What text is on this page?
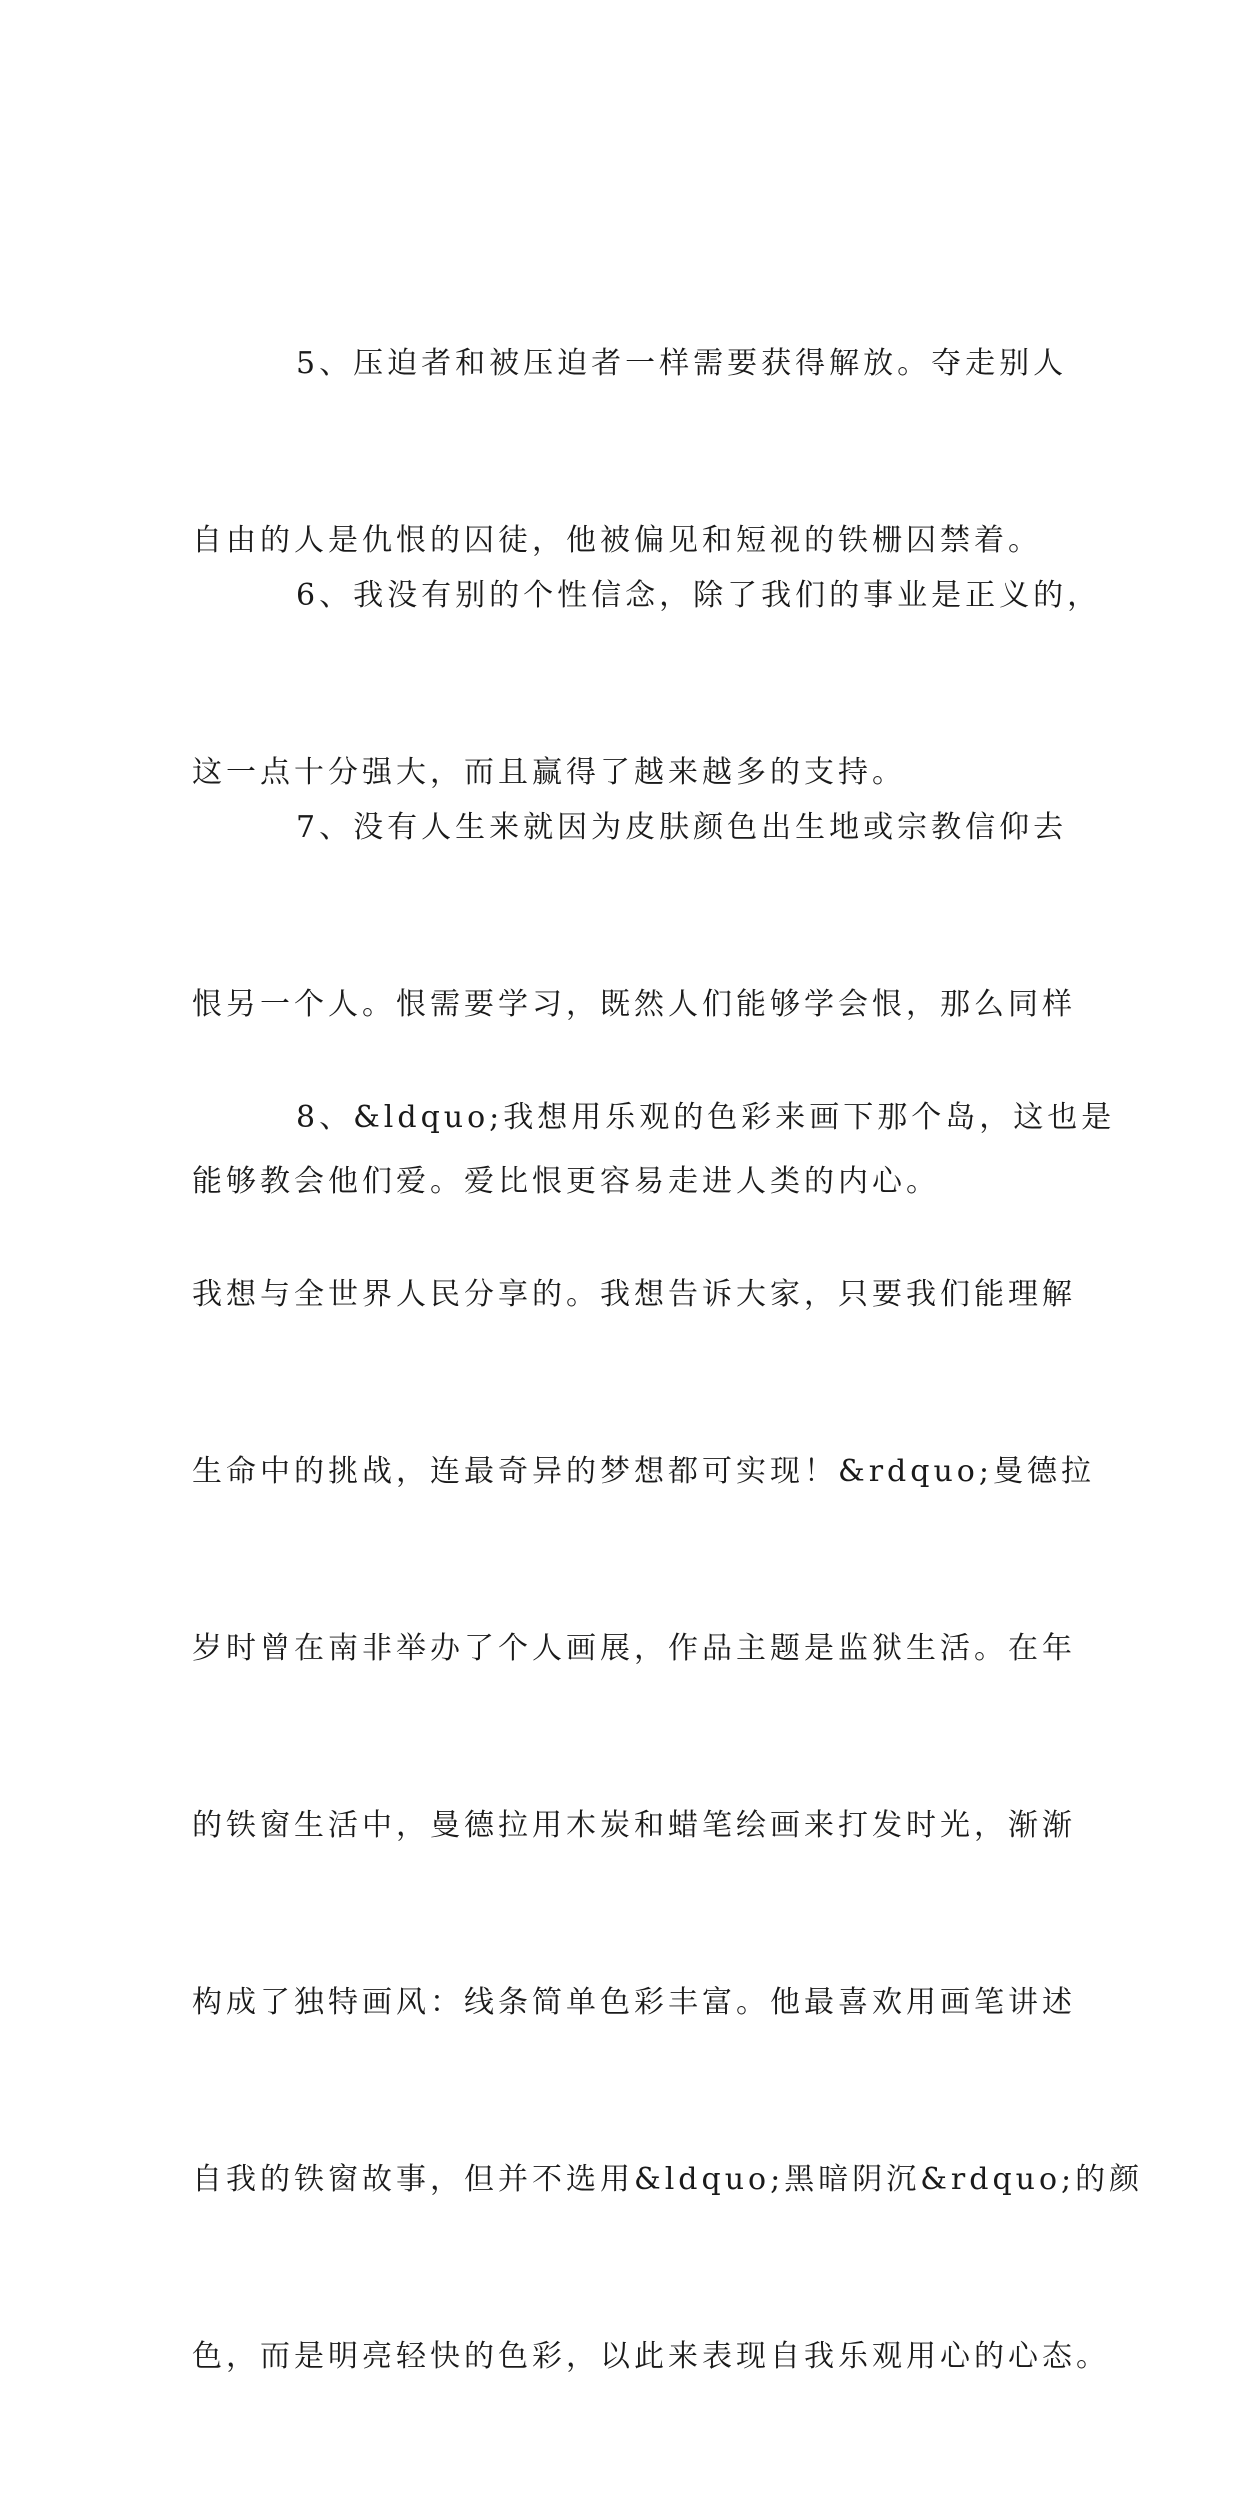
5、压迫者和被压迫者一样需要获得解放。夺走别人

自由的人是仇恨的囚徒，他被偏见和短视的铁栅囚禁着。

6、我没有别的个性信念，除了我们的事业是正义的，

这一点十分强大，而且赢得了越来越多的支持。

7、没有人生来就因为皮肤颜色出生地或宗教信仰去

恨另一个人。恨需要学习，既然人们能够学会恨，那么同样

能够教会他们爱。爱比恨更容易走进人类的内心。

8、&ldquo;我想用乐观的色彩来画下那个岛，这也是

我想与全世界人民分享的。我想告诉大家，只要我们能理解

生命中的挑战，连最奇异的梦想都可实现！&rdquo;曼德拉

岁时曾在南非举办了个人画展，作品主题是监狱生活。在年

的铁窗生活中，曼德拉用木炭和蜡笔绘画来打发时光，渐渐

构成了独特画风：线条简单色彩丰富。他最喜欢用画笔讲述

自我的铁窗故事，但并不选用&ldquo;黑暗阴沉&rdquo;的颜

色，而是明亮轻快的色彩，以此来表现自我乐观用心的心态。
